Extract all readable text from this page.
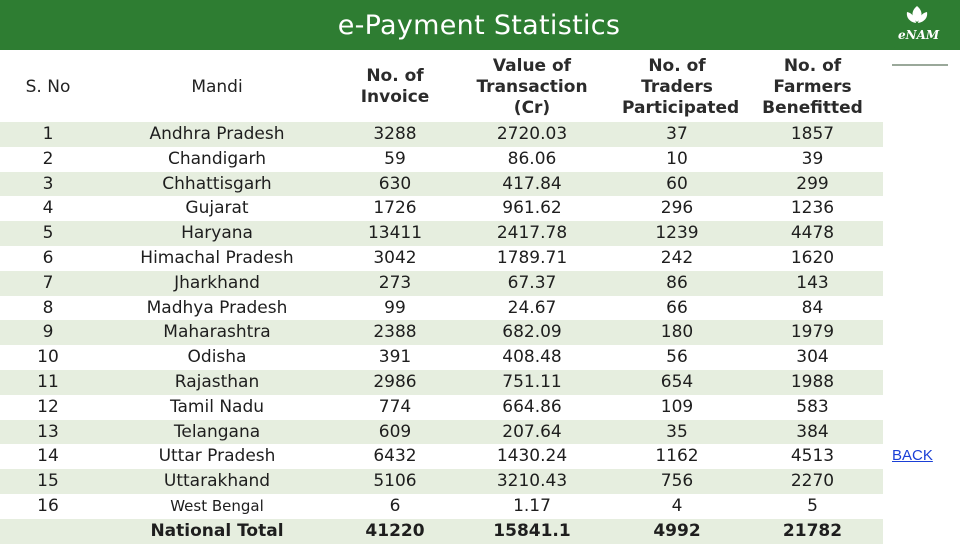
e-Payment Statistics	eNAM
S. No	Mandi	No. of Invoice	Value of Transaction (Cr)	No. of Traders Participated	No. of Farmers Benefitted

1	Andhra Pradesh	3288	2720.03	37	1857
2	Chandigarh	59	86.06	10	39
3	Chhattisgarh	630	417.84	60	299
4	Gujarat	1726	961.62	296	1236
5	Haryana	13411	2417.78	1239	4478
6	Himachal Pradesh	3042	1789.71	242	1620
7	Jharkhand	273	67.37	86	143
8	Madhya Pradesh	99	24.67	66	84
9	Maharashtra	2388	682.09	180	1979
10	Odisha	391	408.48	56	304
11	Rajasthan	2986	751.11	654	1988
12	Tamil Nadu	774	664.86	109	583
13	Telangana	609	207.64	35	384
14	Uttar Pradesh	6432	1430.24	1162	4513
15	Uttarakhand	5106	3210.43	756	2270
16	West Bengal	6	1.17	4	5
	National Total	41220	15841.1	4992	21782
BACK
